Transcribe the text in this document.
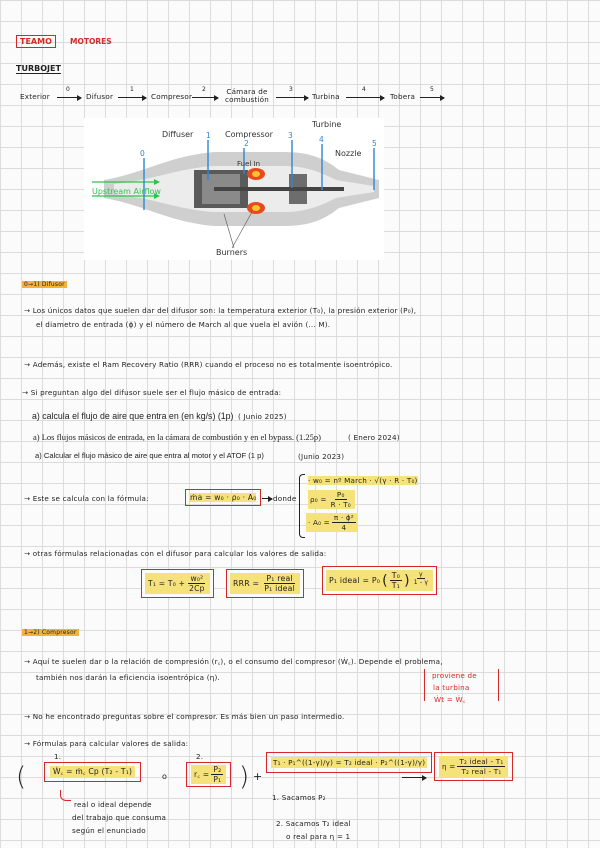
TEAMO	MOTORES
TURBOJET
Exterior
0
Difusor
1
Compresor
2	Cámara de combustión
3
Turbina
4
Tobera
5
0
1
2
3	4	5
Diffuser	Compressor
Turbine
Fuel In
Nozzle
Upstream Airflow
Burners
0→1) Difusor
→ Los únicos datos que suelen dar del difusor son: la temperatura exterior (T₀), la presión exterior (P₀),
el diametro de entrada (ϕ) y el número de March al que vuela el avión (... M).
→ Además, existe el Ram Recovery Ratio (RRR) cuando el proceso no es totalmente isoentrópico.
→ Si preguntan algo del difusor suele ser el flujo másico de entrada:
a) calcula el flujo de aire que entra en (en kg/s) (1p) ( Junio 2025)
a) Los flujos másicos de entrada, en la cámara de combustión y en el bypass. (1.25p)	( Enero 2024)
a) Calcular el flujo másico de aire que entra al motor y el ATOF (1 p)	(Junio 2023)
→ Este se calcula con la fórmula:	ṁa = w₀ · ρ₀ · A₀	donde
· w₀ = nº March · √(γ · R · T₀)
$\rho_0 = \frac{\text{P₀}}{\text{R · T₀}}$
· $A_0 = \frac{\text{π · ϕ²}}{4}$
→ otras fórmulas relacionadas con el difusor para calcular los valores de salida:
$T_1 = T_0 + \frac{\text{w₀²}}{2Cp}$	RRR = $\frac{\text{P₁ real}}{\text{P₁ ideal}}$	P₁ ideal = P₀ ( $\frac{\text{T₀}}{\text{T₁}}$ ) $\frac{\gamma}{1 - \gamma}$
1→2) Compresor
→ Aquí te suelen dar o la relación de compresión (r꜀), o el consumo del compresor (Ẇ꜀). Depende el problema,
también nos darán la eficiencia isoentrópica (η).	proviene de
la turbina
Ẇt = Ẇ꜀
→ No he encontrado preguntas sobre el compresor. Es más bien un paso intermedio.
→ Fórmulas para calcular valores de salida:
(
1.
Ẇ꜀ = ṁ꜀ Cp (T₂ - T₁)
o
2.
r꜀ = $\frac{\text{P₂}}{\text{P₁}}$ ) +
T₁ · P₁^((1-γ)/γ) = T₂ ideal · P₂^((1-γ)/γ)	$\eta = \frac{\text{T₂ ideal - T₁}}{\text{T₂ real - T₁}}$
real o ideal depende
del trabajo que consuma
según el enunciado
1. Sacamos P₂
2. Sacamos T₂ ideal
o real para η = 1
